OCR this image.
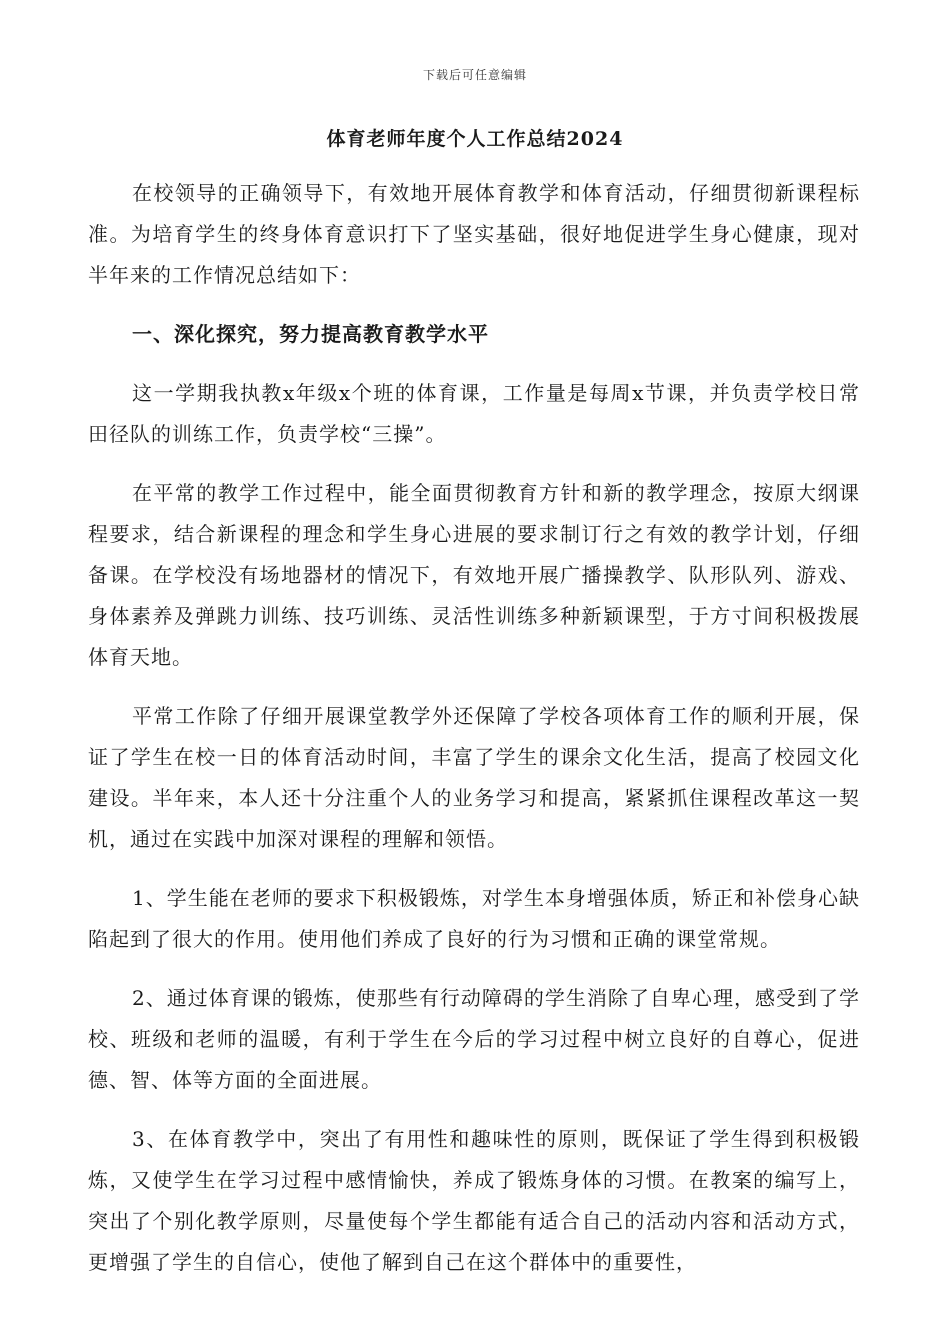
下载后可任意编辑
体育老师年度个人工作总结2024

在校领导的正确领导下，有效地开展体育教学和体育活动，仔细贯彻新课程标准。为培育学生的终身体育意识打下了坚实基础，很好地促进学生身心健康，现对半年来的工作情况总结如下：

一、深化探究，努力提高教育教学水平

这一学期我执教x年级x个班的体育课，工作量是每周x节课，并负责学校日常田径队的训练工作，负责学校“三操”。

在平常的教学工作过程中，能全面贯彻教育方针和新的教学理念，按原大纲课程要求，结合新课程的理念和学生身心进展的要求制订行之有效的教学计划，仔细备课。在学校没有场地器材的情况下，有效地开展广播操教学、队形队列、游戏、身体素养及弹跳力训练、技巧训练、灵活性训练多种新颖课型，于方寸间积极拨展体育天地。

平常工作除了仔细开展课堂教学外还保障了学校各项体育工作的顺利开展，保证了学生在校一日的体育活动时间，丰富了学生的课余文化生活，提高了校园文化建设。半年来，本人还十分注重个人的业务学习和提高，紧紧抓住课程改革这一契机，通过在实践中加深对课程的理解和领悟。

1、学生能在老师的要求下积极锻炼，对学生本身增强体质，矫正和补偿身心缺陷起到了很大的作用。使用他们养成了良好的行为习惯和正确的课堂常规。

2、通过体育课的锻炼，使那些有行动障碍的学生消除了自卑心理，感受到了学校、班级和老师的温暖，有利于学生在今后的学习过程中树立良好的自尊心，促进德、智、体等方面的全面进展。

3、在体育教学中，突出了有用性和趣味性的原则，既保证了学生得到积极锻炼，又使学生在学习过程中感情愉快，养成了锻炼身体的习惯。在教案的编写上，突出了个别化教学原则，尽量使每个学生都能有适合自己的活动内容和活动方式，更增强了学生的自信心，使他了解到自己在这个群体中的重要性，
